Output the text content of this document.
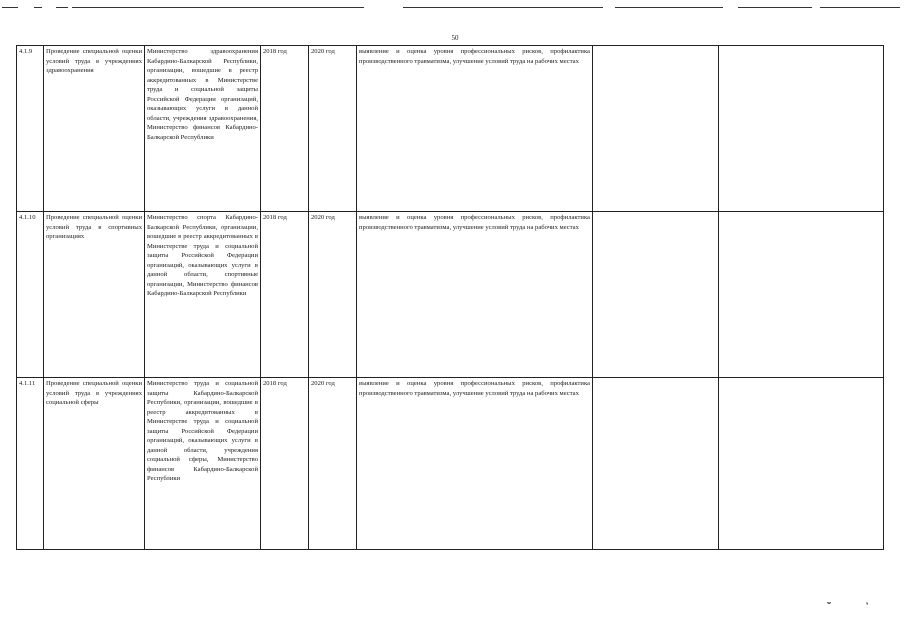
50
4.1.9	Проведение специальной оценки условий труда в учреждениях здравоохранения	Министерство здравоохранения Кабардино-Балкарской Республики, организации, вошедшие в реестр аккредитованных в Министерстве труда и социальной защиты Российской Федерации организаций, оказывающих услуги в данной области, учреждения здравоохранения, Министерство финансов Кабардино-Балкарской Республики	2018 год	2020 год	выявление и оценка уровня профессиональных рисков, профилактика производственного травматизма, улучшение условий труда на рабочих местах		
4.1.10	Проведение специальной оценки условий труда в спортивных организациях	Министерство спорта Кабардино-Балкарской Республики, организации, вошедшие в реестр аккредитованных в Министерстве труда и социальной защиты Российской Федерации организаций, оказывающих услуги в данной области, спортивные организации, Министерство финансов Кабардино-Балкарской Республики	2018 год	2020 год	выявление и оценка уровня профессиональных рисков, профилактика производственного травматизма, улучшение условий труда на рабочих местах		
4.1.11	Проведение специальной оценки условий труда в учреждениях социальной сферы	Министерство труда и социальной защиты Кабардино-Балкарской Республики, организации, вошедшие в реестр аккредитованных в Министерстве труда и социальной защиты Российской Федерации организаций, оказывающих услуги в данной области, учреждения социальной сферы, Министерство финансов Кабардино-Балкарской Республики	2018 год	2020 год	выявление и оценка уровня профессиональных рисков, профилактика производственного травматизма, улучшение условий труда на рабочих местах		
ᴗ	ₓ
